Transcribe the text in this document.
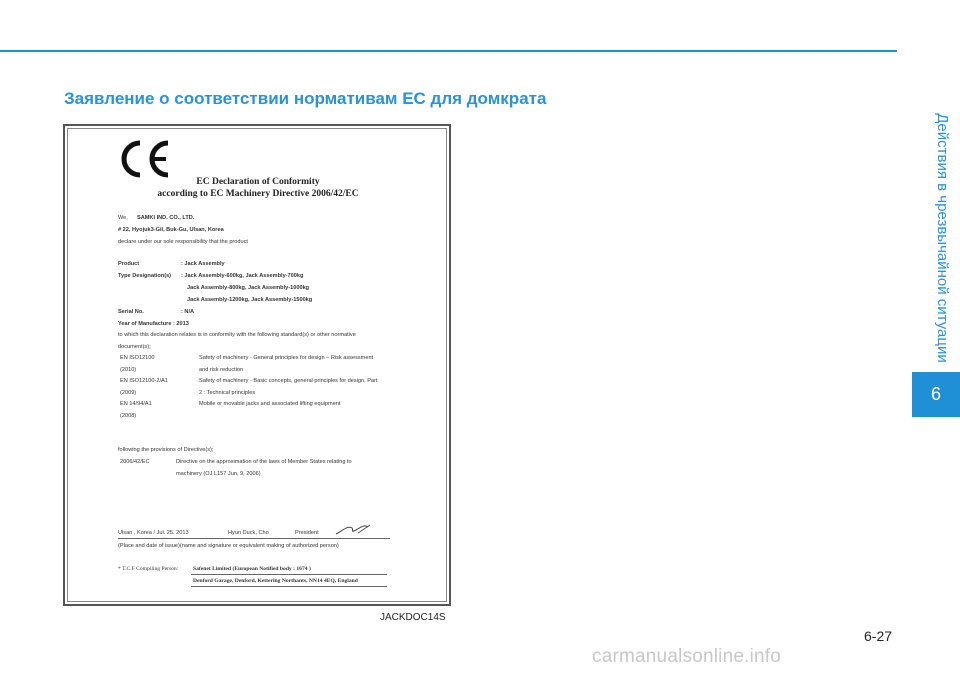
Заявление о соответствии нормативам ЕС для домкрата
Действия в чрезвычайной ситуации
6
EC Declaration of Conformity
according to EC Machinery Directive 2006/42/EC
We, SAMKI IND. CO., LTD.
# 22, Hyojuk3-Gil, Buk-Gu, Ulsan, Korea
declare under our sole responsibility that the product
Product	: Jack Assembly
Type Designation(s) : Jack Assembly-600kg, Jack Assembly-700kg
Jack Assembly-800kg, Jack Assembly-1000kg
Jack Assembly-1200kg, Jack Assembly-1500kg
Serial No.	: N/A
Year of Manufacture : 2013
to which this declaration relates is in conformity with the following standard(s) or other normative
document(s);
EN ISO12100	Safety of machinery - General principles for design – Risk assessment
(2010)	and risk reduction
EN ISO12100-2/A1	Safety of machinery - Basic concepts, general principles for design, Part
(2009)	2 : Technical principles
EN 14/94/A1	Mobile or movable jacks and associated lifting equipment
(2008)
following the provisions of Directive(s);
2006/42/EC	Directive on the approximation of the laws of Member States relating to
machinery (OJ L157 Jun, 9, 2006)
Ulsan , Korea / Jul. 25. 2013	Hyun Duck, Cho	President
(Place and date of issue)(name and signature or equivalent making of authorized person)
* T.C.F Compiling Person:	Safenet Limited (European Notified body : 1674 )
Denford Garage, Denford, Kettering Northants, NN14 4EQ, England
JACKDOC14S
6-27
carmanualsonline.info
